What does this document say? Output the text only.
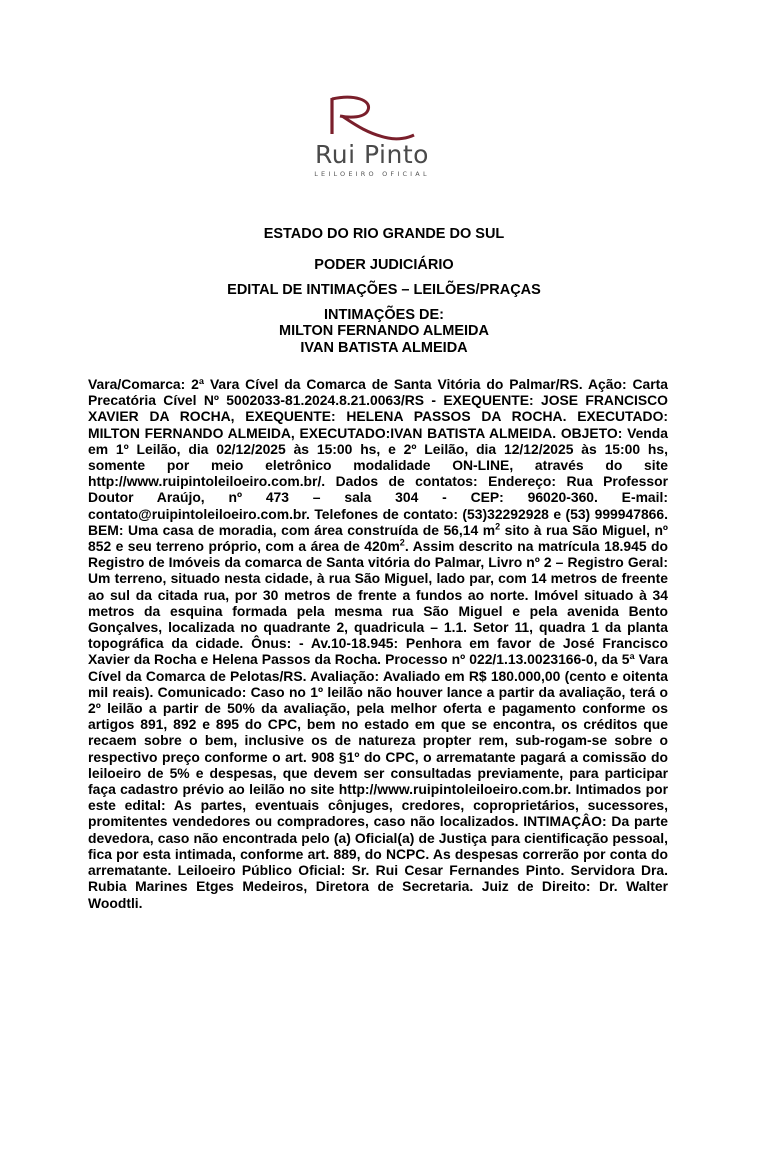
Rui Pinto
LEILOEIRO OFICIAL
ESTADO DO RIO GRANDE DO SUL
PODER JUDICIÁRIO
EDITAL DE INTIMAÇÕES – LEILÕES/PRAÇAS
INTIMAÇÕES DE:
MILTON FERNANDO ALMEIDA
IVAN BATISTA ALMEIDA
Vara/Comarca: 2ª Vara Cível da Comarca de Santa Vitória do Palmar/RS. Ação: Carta Precatória Cível Nº 5002033-81.2024.8.21.0063/RS - EXEQUENTE: JOSE FRANCISCO XAVIER DA ROCHA, EXEQUENTE: HELENA PASSOS DA ROCHA. EXECUTADO: MILTON FERNANDO ALMEIDA, EXECUTADO:IVAN BATISTA ALMEIDA. OBJETO: Venda em 1º Leilão, dia 02/12/2025 às 15:00 hs, e 2º Leilão, dia 12/12/2025 às 15:00 hs, somente por meio eletrônico modalidade ON-LINE, através do site http://www.ruipintoleiloeiro.com.br/. Dados de contatos: Endereço: Rua Professor Doutor Araújo, nº 473 – sala 304 - CEP: 96020-360. E-mail: contato@ruipintoleiloeiro.com.br. Telefones de contato: (53)32292928 e (53) 999947866. BEM: Uma casa de moradia, com área construída de 56,14 $m^2$ sito à rua São Miguel, nº 852 e seu terreno próprio, com a área de $420m^2$. Assim descrito na matrícula 18.945 do Registro de Imóveis da comarca de Santa vitória do Palmar, Livro nº 2 – Registro Geral: Um terreno, situado nesta cidade, à rua São Miguel, lado par, com 14 metros de freente ao sul da citada rua, por 30 metros de frente a fundos ao norte. Imóvel situado à 34 metros da esquina formada pela mesma rua São Miguel e pela avenida Bento Gonçalves, localizada no quadrante 2, quadricula – 1.1. Setor 11, quadra 1 da planta topográfica da cidade. Ônus: - Av.10-18.945: Penhora em favor de José Francisco Xavier da Rocha e Helena Passos da Rocha. Processo nº 022/1.13.0023166-0, da 5ª Vara Cível da Comarca de Pelotas/RS. Avaliação: Avaliado em R$ 180.000,00 (cento e oitenta mil reais). Comunicado: Caso no 1º leilão não houver lance a partir da avaliação, terá o 2º leilão a partir de 50% da avaliação, pela melhor oferta e pagamento conforme os artigos 891, 892 e 895 do CPC, bem no estado em que se encontra, os créditos que recaem sobre o bem, inclusive os de natureza propter rem, sub-rogam-se sobre o respectivo preço conforme o art. 908 §1º do CPC, o arrematante pagará a comissão do leiloeiro de 5% e despesas, que devem ser consultadas previamente, para participar faça cadastro prévio ao leilão no site http://www.ruipintoleiloeiro.com.br. Intimados por este edital: As partes, eventuais cônjuges, credores, coproprietários, sucessores, promitentes vendedores ou compradores, caso não localizados. INTIMAÇÂO: Da parte devedora, caso não encontrada pelo (a) Oficial(a) de Justiça para cientificação pessoal, fica por esta intimada, conforme art. 889, do NCPC. As despesas correrão por conta do arrematante. Leiloeiro Público Oficial: Sr. Rui Cesar Fernandes Pinto. Servidora Dra. Rubia Marines Etges Medeiros, Diretora de Secretaria. Juiz de Direito: Dr. Walter Woodtli.
